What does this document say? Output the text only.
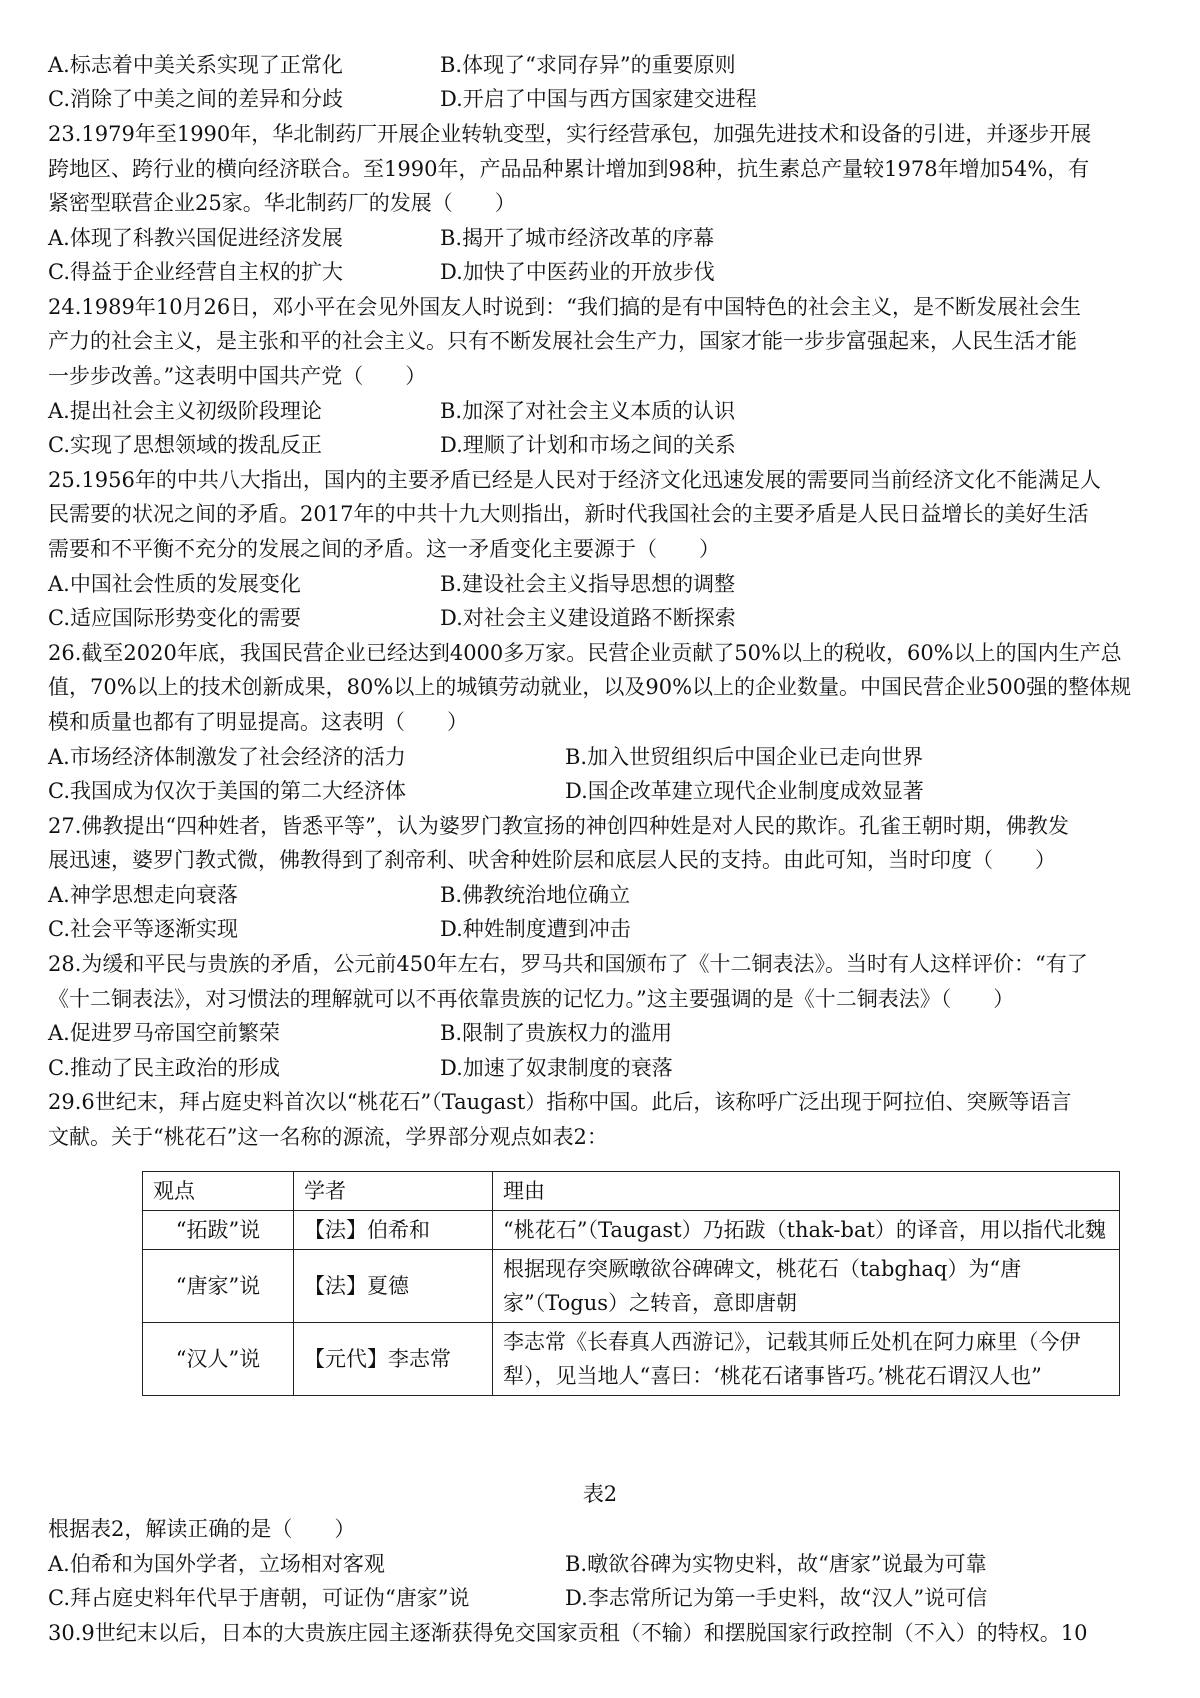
A.标志着中美关系实现了正常化	B.体现了“求同存异”的重要原则
C.消除了中美之间的差异和分歧	D.开启了中国与西方国家建交进程
23.1979年至1990年，华北制药厂开展企业转轨变型，实行经营承包，加强先进技术和设备的引进，并逐步开展
跨地区、跨行业的横向经济联合。至1990年，产品品种累计增加到98种，抗生素总产量较1978年增加54%，有
紧密型联营企业25家。华北制药厂的发展（　　）
A.体现了科教兴国促进经济发展	B.揭开了城市经济改革的序幕
C.得益于企业经营自主权的扩大	D.加快了中医药业的开放步伐
24.1989年10月26日，邓小平在会见外国友人时说到：“我们搞的是有中国特色的社会主义，是不断发展社会生
产力的社会主义，是主张和平的社会主义。只有不断发展社会生产力，国家才能一步步富强起来，人民生活才能
一步步改善。”这表明中国共产党（　　）
A.提出社会主义初级阶段理论	B.加深了对社会主义本质的认识
C.实现了思想领域的拨乱反正	D.理顺了计划和市场之间的关系
25.1956年的中共八大指出，国内的主要矛盾已经是人民对于经济文化迅速发展的需要同当前经济文化不能满足人
民需要的状况之间的矛盾。2017年的中共十九大则指出，新时代我国社会的主要矛盾是人民日益增长的美好生活
需要和不平衡不充分的发展之间的矛盾。这一矛盾变化主要源于（　　）
A.中国社会性质的发展变化	B.建设社会主义指导思想的调整
C.适应国际形势变化的需要	D.对社会主义建设道路不断探索
26.截至2020年底，我国民营企业已经达到4000多万家。民营企业贡献了50%以上的税收，60%以上的国内生产总
值，70%以上的技术创新成果，80%以上的城镇劳动就业，以及90%以上的企业数量。中国民营企业500强的整体规
模和质量也都有了明显提高。这表明（　　）
A.市场经济体制激发了社会经济的活力	B.加入世贸组织后中国企业已走向世界
C.我国成为仅次于美国的第二大经济体	D.国企改革建立现代企业制度成效显著
27.佛教提出“四种姓者，皆悉平等”，认为婆罗门教宣扬的神创四种姓是对人民的欺诈。孔雀王朝时期，佛教发
展迅速，婆罗门教式微，佛教得到了刹帝利、吠舍种姓阶层和底层人民的支持。由此可知，当时印度（　　）
A.神学思想走向衰落	B.佛教统治地位确立
C.社会平等逐渐实现	D.种姓制度遭到冲击
28.为缓和平民与贵族的矛盾，公元前450年左右，罗马共和国颁布了《十二铜表法》。当时有人这样评价：“有了
《十二铜表法》，对习惯法的理解就可以不再依靠贵族的记忆力。”这主要强调的是《十二铜表法》（　　）
A.促进罗马帝国空前繁荣	B.限制了贵族权力的滥用
C.推动了民主政治的形成	D.加速了奴隶制度的衰落
29.6世纪末，拜占庭史料首次以“桃花石”（Taugast）指称中国。此后，该称呼广泛出现于阿拉伯、突厥等语言
文献。关于“桃花石”这一名称的源流，学界部分观点如表2：
观点	学者	理由
“拓跋”说	【法】伯希和	“桃花石”（Taugast）乃拓跋（thak-bat）的译音，用以指代北魏
“唐家”说	【法】夏德	根据现存突厥暾欲谷碑碑文，桃花石（tabghaq）为“唐家”（Togus）之转音，意即唐朝
“汉人”说	【元代】李志常	李志常《长春真人西游记》，记载其师丘处机在阿力麻里（今伊犁），见当地人“喜曰：‘桃花石诸事皆巧。’桃花石谓汉人也”
表2
根据表2，解读正确的是（　　）
A.伯希和为国外学者，立场相对客观	B.暾欲谷碑为实物史料，故“唐家”说最为可靠
C.拜占庭史料年代早于唐朝，可证伪“唐家”说	D.李志常所记为第一手史料，故“汉人”说可信
30.9世纪末以后，日本的大贵族庄园主逐渐获得免交国家贡租（不输）和摆脱国家行政控制（不入）的特权。10
